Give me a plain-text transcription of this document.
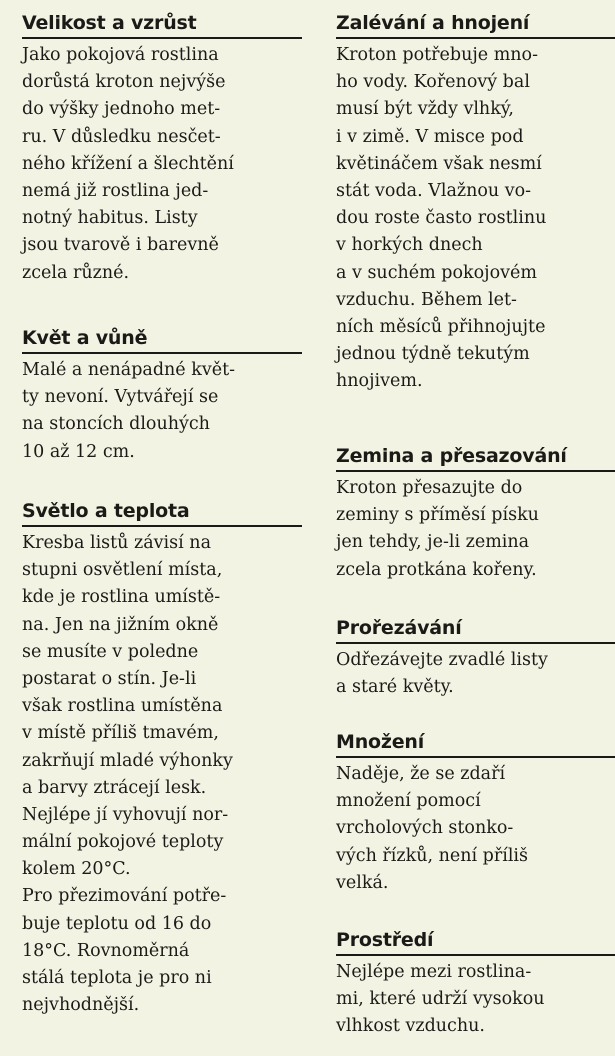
Velikost a vzrůst
Jako pokojová rostlina
dorůstá kroton nejvýše
do výšky jednoho met-
ru. V důsledku nesčet-
ného křížení a šlechtění
nemá již rostlina jed-
notný habitus. Listy
jsou tvarově i barevně
zcela různé.
Květ a vůně
Malé a nenápadné květ-
ty nevoní. Vytvářejí se
na stoncích dlouhých
10 až 12 cm.
Světlo a teplota
Kresba listů závisí na
stupni osvětlení místa,
kde je rostlina umístě-
na. Jen na jižním okně
se musíte v poledne
postarat o stín. Je-li
však rostlina umístěna
v místě příliš tmavém,
zakrňují mladé výhonky
a barvy ztrácejí lesk.
Nejlépe jí vyhovují nor-
mální pokojové teploty
kolem 20°C.
Pro přezimování potře-
buje teplotu od 16 do
18°C. Rovnoměrná
stálá teplota je pro ni
nejvhodnější.
Zalévání a hnojení
Kroton potřebuje mno-
ho vody. Kořenový bal
musí být vždy vlhký,
i v zimě. V misce pod
květináčem však nesmí
stát voda. Vlažnou vo-
dou roste často rostlinu
v horkých dnech
a v suchém pokojovém
vzduchu. Během let-
ních měsíců přihnojujte
jednou týdně tekutým
hnojivem.
Zemina a přesazování
Kroton přesazujte do
zeminy s příměsí písku
jen tehdy, je-li zemina
zcela protkána kořeny.
Prořezávání
Odřezávejte zvadlé listy
a staré květy.
Množení
Naděje, že se zdaří
množení pomocí
vrcholových stonko-
vých řízků, není příliš
velká.
Prostředí
Nejlépe mezi rostlina-
mi, které udrží vysokou
vlhkost vzduchu.
